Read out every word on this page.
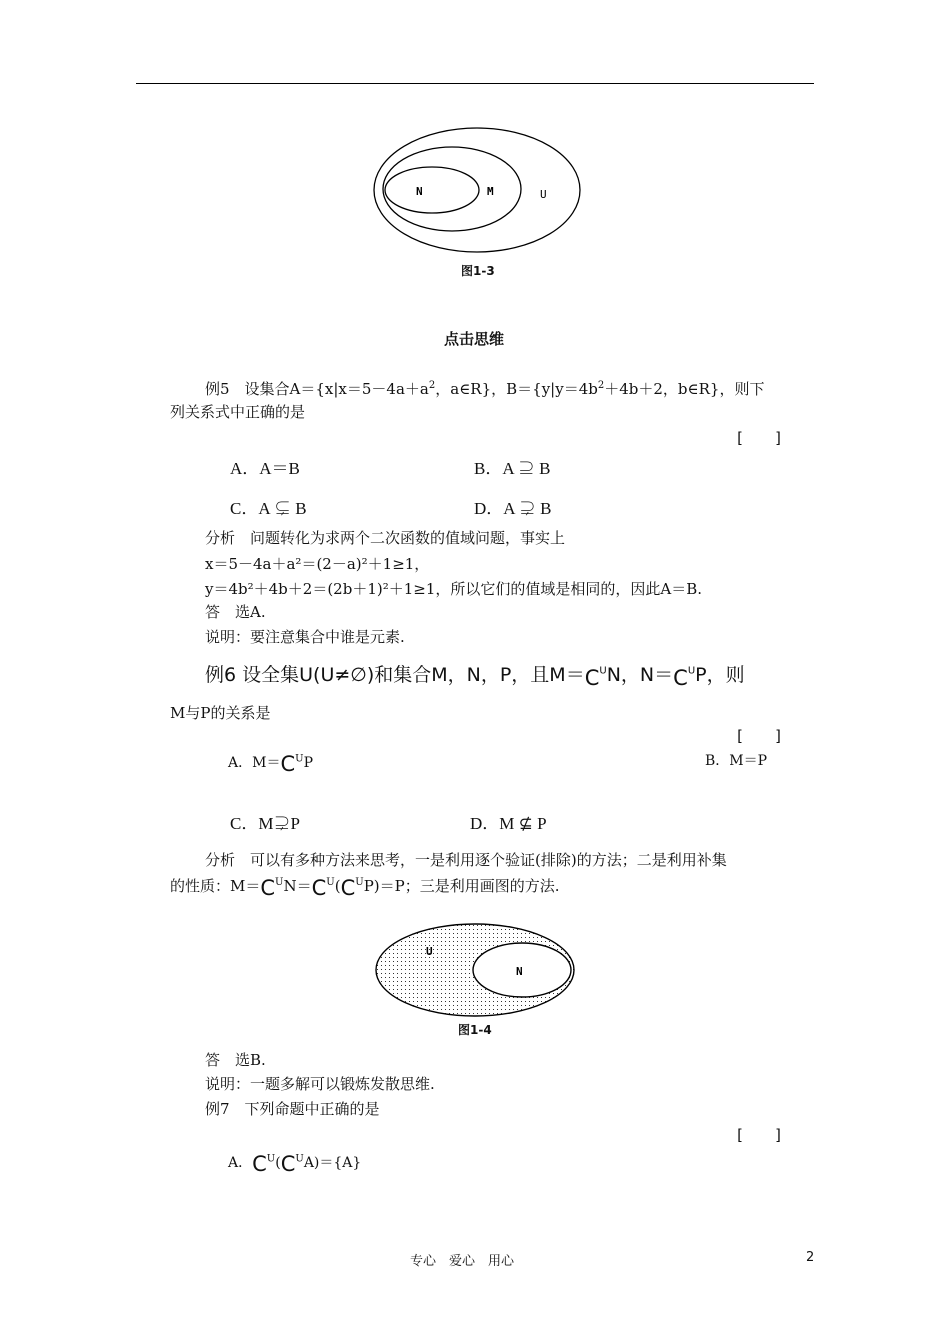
N	M	U
图1-3
点击思维
例5　设集合$A=\{x|x=5-4a+a^2$，a∈R}，$B=\{y|y=4b^2+4b+2$，b∈R}，则下
列关系式中正确的是
[　　]
A．A＝B	B．A ⊇ B
C．A ⊊ B	D．A ⊋ B
分析　问题转化为求两个二次函数的值域问题，事实上
x＝5－4a＋a²＝(2－a)²＋1≥1，
y＝4b²＋4b＋2＝(2b＋1)²＋1≥1，所以它们的值域是相同的，因此A＝B.
答　选A.
说明：要注意集合中谁是元素.
例6 设全集U(U≠∅)和集合M，N，P，且$M=C^UN$，$N=C^UP$，则
M与P的关系是
[　　]
A．$M=C^UP$	B．M＝P
C．M⊋P	D．M ⊈ P
分析　可以有多种方法来思考，一是利用逐个验证(排除)的方法；二是利用补集
的性质：$M=C^UN=C^U(C^UP)=P$；三是利用画图的方法.
U
N
图1-4
答　选B.
说明：一题多解可以锻炼发散思维.
例7　下列命题中正确的是
[　　]
A．$C^U(C^UA)=\{A\}$
专心　爱心　用心	2
